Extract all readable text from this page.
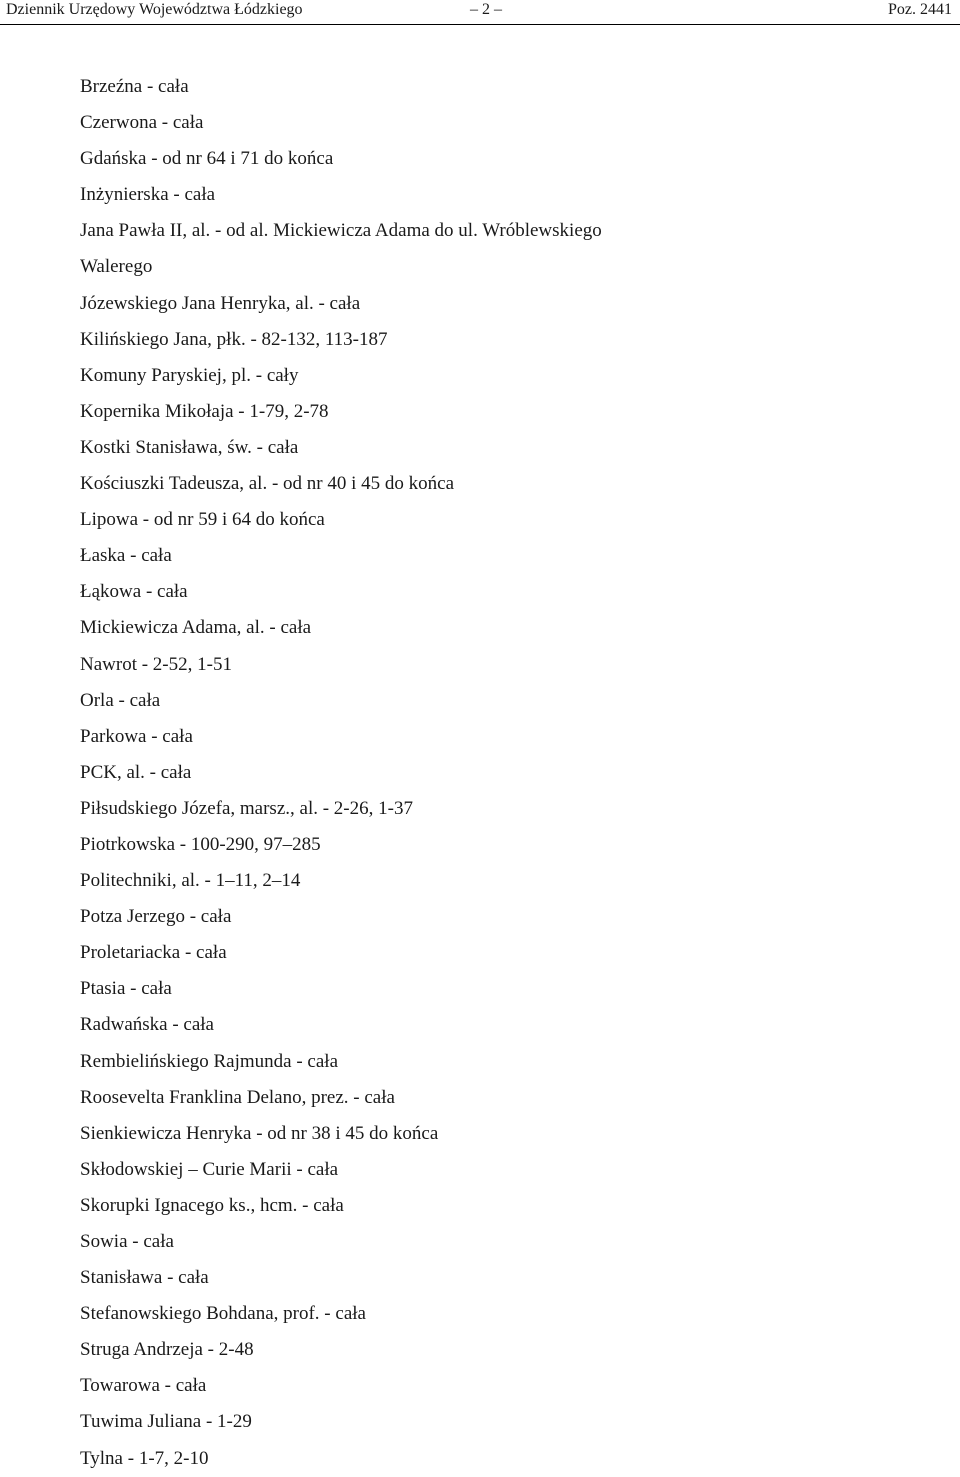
Dziennik Urzędowy Województwa Łódzkiego	– 2 –	Poz. 2441
Brzeźna - cała
Czerwona - cała
Gdańska - od nr 64 i 71 do końca
Inżynierska - cała
Jana Pawła II, al. - od al. Mickiewicza Adama do ul. Wróblewskiego
Walerego
Józewskiego Jana Henryka, al. - cała
Kilińskiego Jana, płk. - 82-132, 113-187
Komuny Paryskiej, pl. - cały
Kopernika Mikołaja - 1-79, 2-78
Kostki Stanisława, św. - cała
Kościuszki Tadeusza, al. - od nr 40 i 45 do końca
Lipowa - od nr 59 i 64 do końca
Łaska - cała
Łąkowa - cała
Mickiewicza Adama, al. - cała
Nawrot - 2-52, 1-51
Orla - cała
Parkowa - cała
PCK, al. - cała
Piłsudskiego Józefa, marsz., al. - 2-26, 1-37
Piotrkowska - 100-290, 97–285
Politechniki, al. - 1–11, 2–14
Potza Jerzego - cała
Proletariacka - cała
Ptasia - cała
Radwańska - cała
Rembielińskiego Rajmunda - cała
Roosevelta Franklina Delano, prez. - cała
Sienkiewicza Henryka - od nr 38 i 45 do końca
Skłodowskiej – Curie Marii - cała
Skorupki Ignacego ks., hcm. - cała
Sowia - cała
Stanisława - cała
Stefanowskiego Bohdana, prof. - cała
Struga Andrzeja - 2-48
Towarowa - cała
Tuwima Juliana - 1-29
Tylna - 1-7, 2-10
